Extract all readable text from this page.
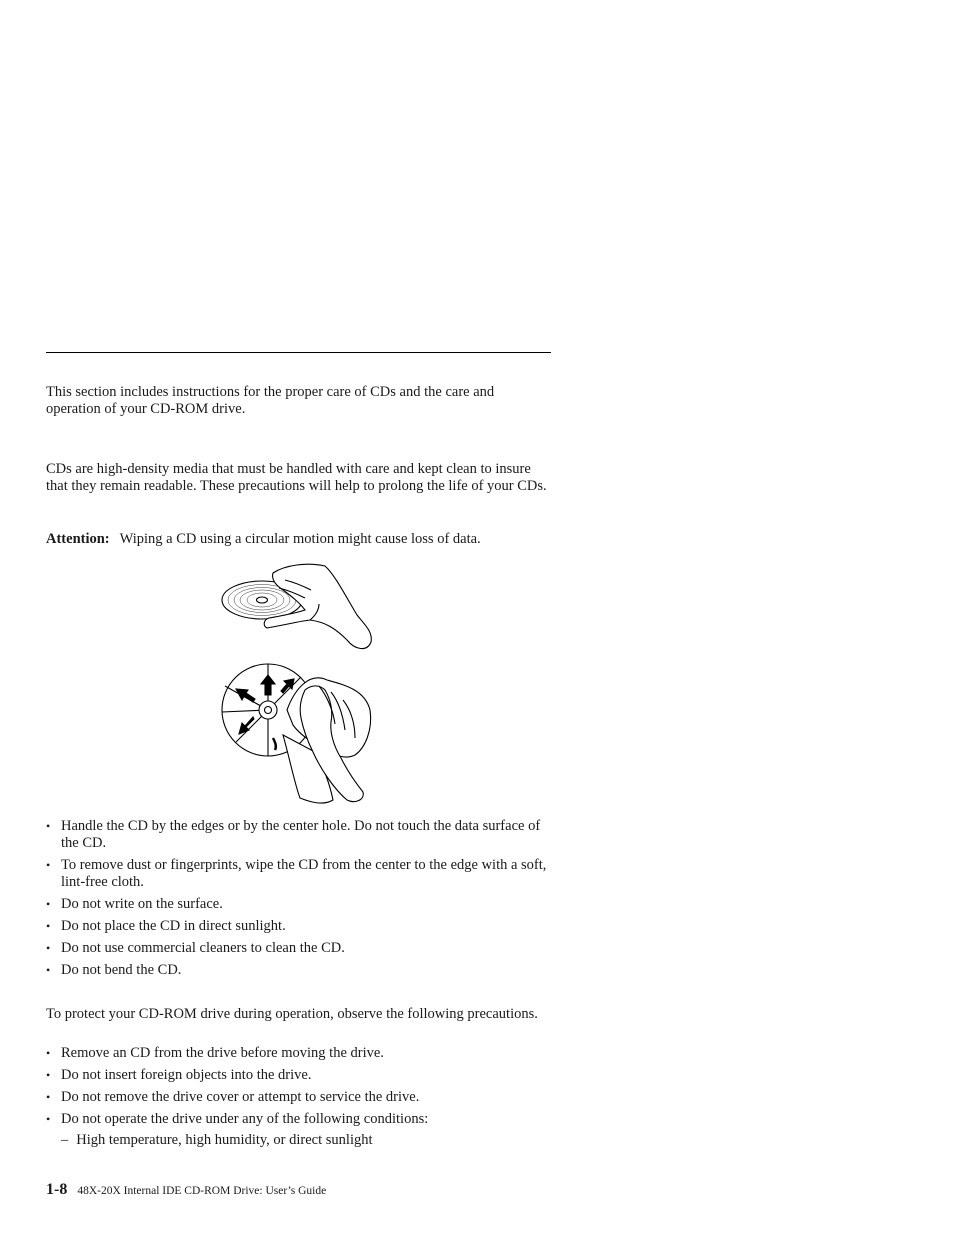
This section includes instructions for the proper care of CDs and the care and operation of your CD-ROM drive.

CDs are high-density media that must be handled with care and kept clean to insure that they remain readable. These precautions will help to prolong the life of your CDs.

Attention: Wiping a CD using a circular motion might cause loss of data.
• Handle the CD by the edges or by the center hole. Do not touch the data surface of the CD.
• To remove dust or fingerprints, wipe the CD from the center to the edge with a soft, lint-free cloth.
• Do not write on the surface.
• Do not place the CD in direct sunlight.
• Do not use commercial cleaners to clean the CD.
• Do not bend the CD.

To protect your CD-ROM drive during operation, observe the following precautions.

• Remove an CD from the drive before moving the drive.
• Do not insert foreign objects into the drive.
• Do not remove the drive cover or attempt to service the drive.
• Do not operate the drive under any of the following conditions:
– High temperature, high humidity, or direct sunlight
1-8 48X-20X Internal IDE CD-ROM Drive: User’s Guide
